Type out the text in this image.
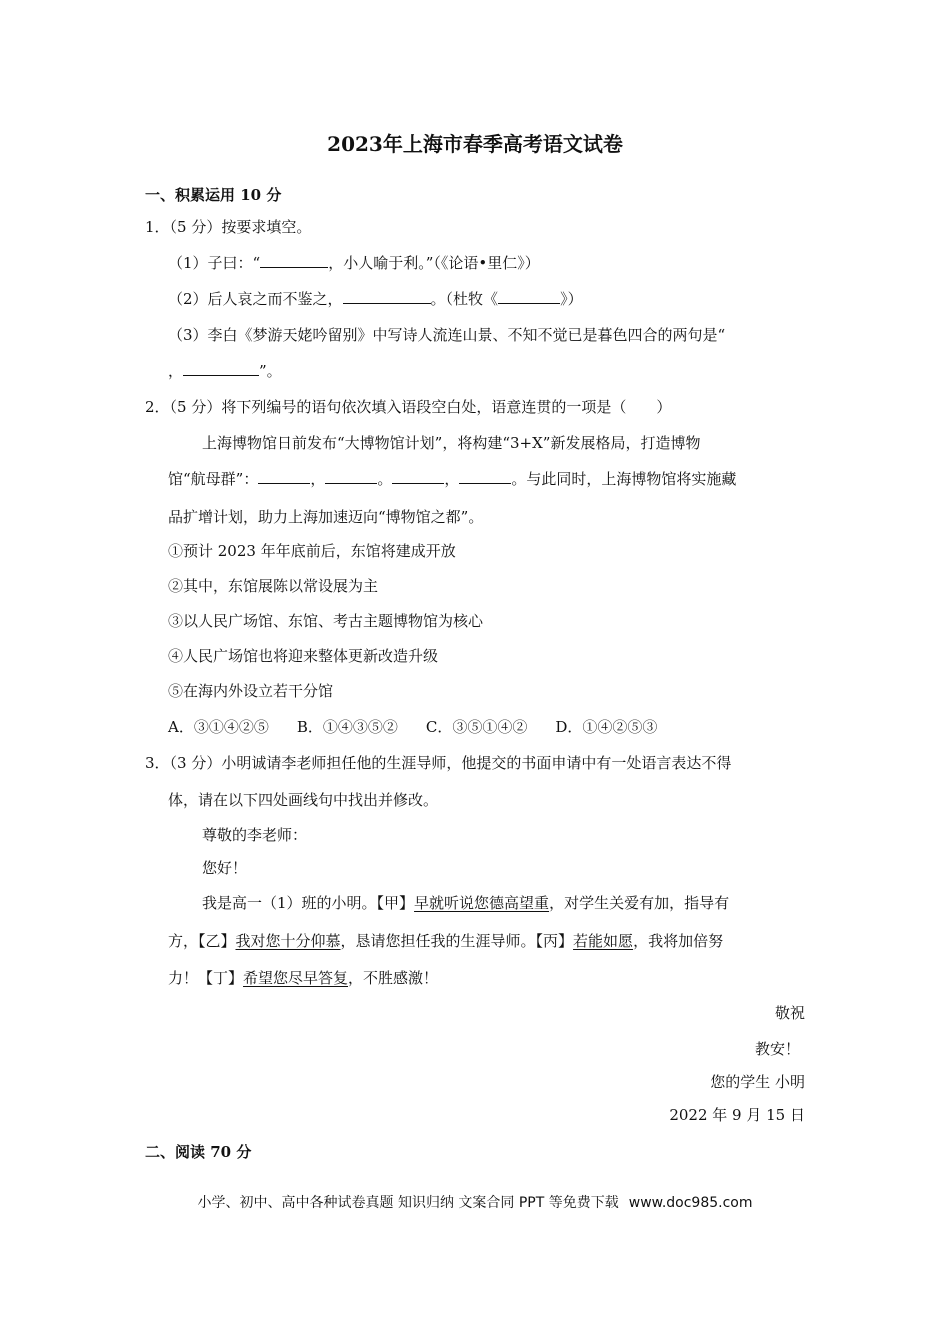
2023年上海市春季高考语文试卷
一、积累运用 10 分
1．（5 分）按要求填空。
（1）子曰：“	，小人喻于利。”（《论语•里仁》）
（2）后人哀之而不鉴之，	。（杜牧《	》）
（3）李白《梦游天姥吟留别》中写诗人流连山景、不知不觉已是暮色四合的两句是“
，	”。
2．（5 分）将下列编号的语句依次填入语段空白处，语意连贯的一项是（　　）
上海博物馆日前发布“大博物馆计划”，将构建“3+X”新发展格局，打造博物
馆“航母群”：	，	。	，	。与此同时，上海博物馆将实施藏
品扩增计划，助力上海加速迈向“博物馆之都”。
①预计 2023 年年底前后，东馆将建成开放
②其中，东馆展陈以常设展为主
③以人民广场馆、东馆、考古主题博物馆为核心
④人民广场馆也将迎来整体更新改造升级
⑤在海内外设立若干分馆
A．③①④②⑤ B．①④③⑤② C．③⑤①④② D．①④②⑤③
3．（3 分）小明诚请李老师担任他的生涯导师，他提交的书面申请中有一处语言表达不得
体，请在以下四处画线句中找出并修改。
尊敬的李老师：
您好！
我是高一（1）班的小明。【甲】早就听说您德高望重，对学生关爱有加，指导有
方，【乙】我对您十分仰慕，恳请您担任我的生涯导师。【丙】若能如愿，我将加倍努
力！【丁】希望您尽早答复，不胜感激！
敬祝
教安！
您的学生 小明
2022 年 9 月 15 日
二、阅读 70 分
小学、初中、高中各种试卷真题 知识归纳 文案合同 PPT 等免费下载 www.doc985.com
